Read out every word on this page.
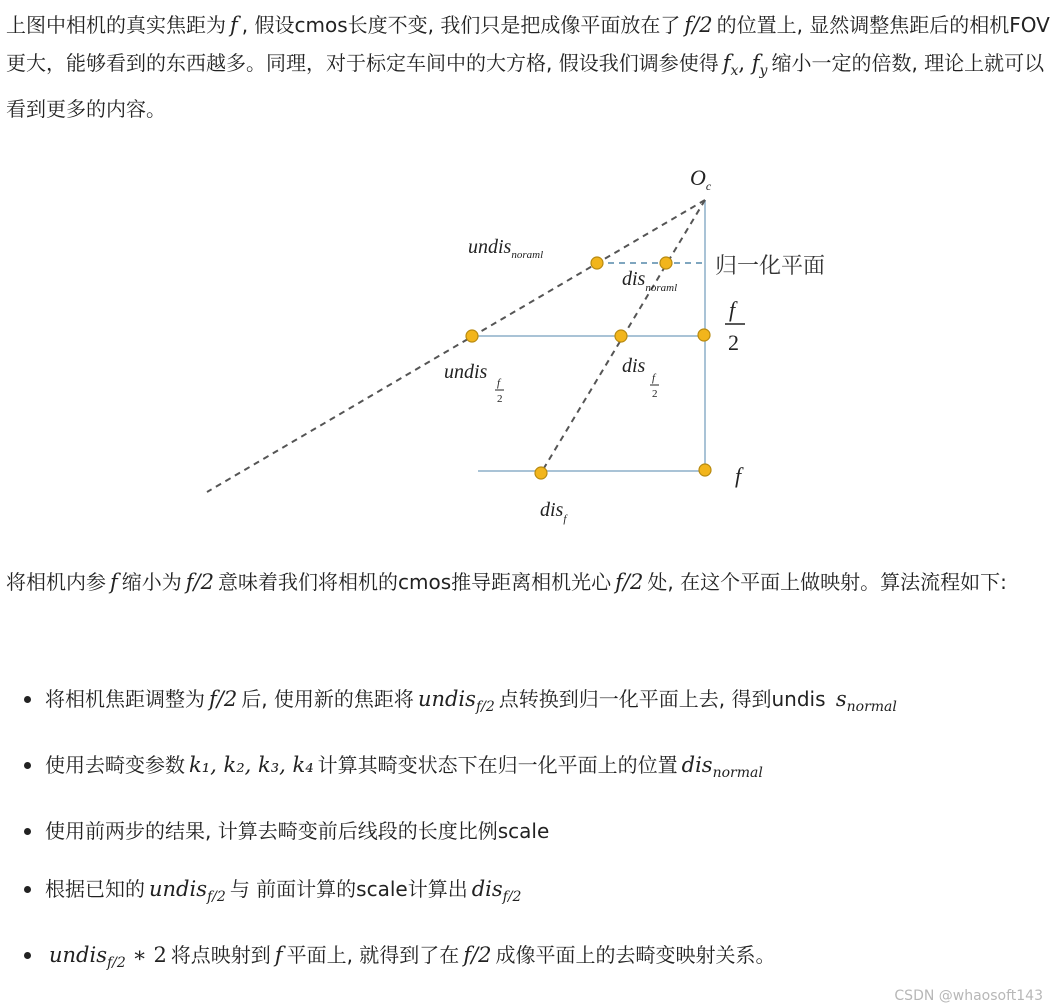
上图中相机的真实焦距为 f , 假设cmos长度不变, 我们只是把成像平面放在了 f/2 的位置上, 显然调整焦距后的相机FOV更大，能够看到的东西越多。同理，对于标定车间中的大方格, 假设我们调参使得 $f_x$, $f_y$ 缩小一定的倍数, 理论上就可以看到更多的内容。
$O_c$
undis$_{noraml}$
dis$_{noraml}$
归一化平面
f
2
undis f
2
dis
f
2
f
dis$_f$
将相机内参 f 缩小为 f/2 意味着我们将相机的cmos推导距离相机光心 f/2 处, 在这个平面上做映射。算法流程如下:
将相机焦距调整为 f/2 后, 使用新的焦距将 undis$_{f/2}$ 点转换到归一化平面上去, 得到undis $s_{normal}$
使用去畸变参数 k₁, k₂, k₃, k₄ 计算其畸变状态下在归一化平面上的位置 dis$_{normal}$
使用前两步的结果, 计算去畸变前后线段的长度比例scale
根据已知的 undis$_{f/2}$ 与 前面计算的scale计算出 dis$_{f/2}$
undis$_{f/2}$ ∗ 2 将点映射到 f 平面上, 就得到了在 f/2 成像平面上的去畸变映射关系。
CSDN @whaosoft143
